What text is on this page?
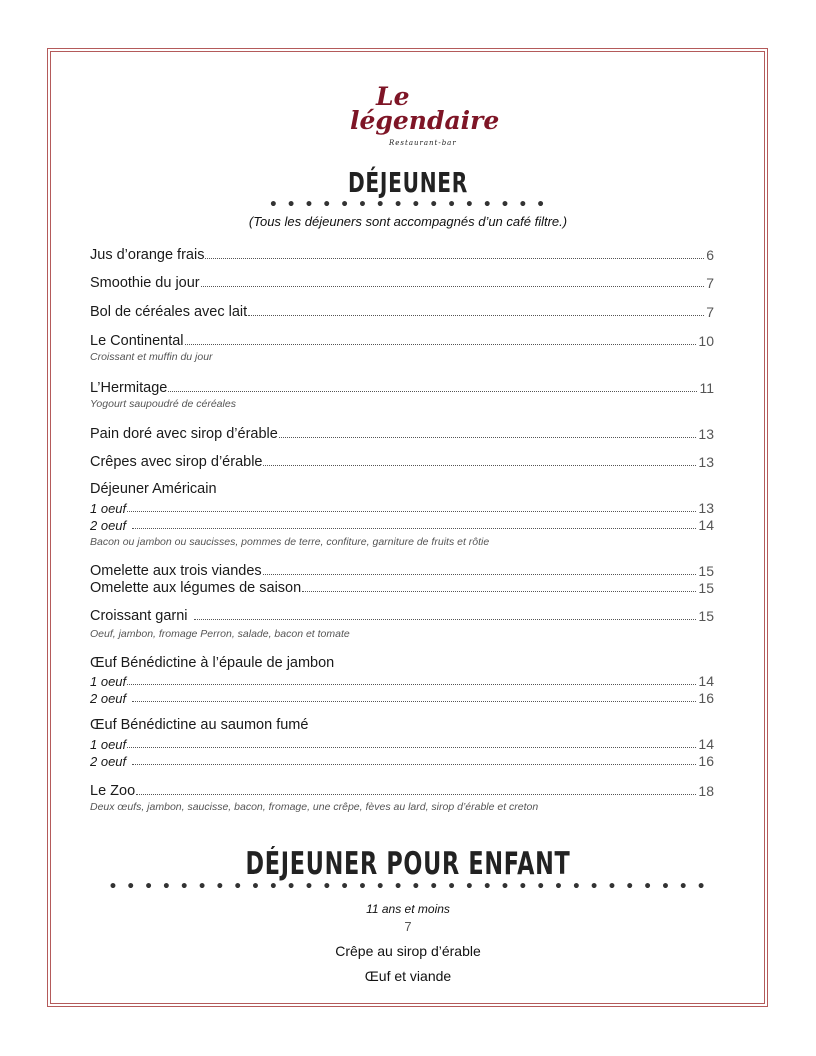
Le
légendaire
Restaurant-bar
DÉJEUNER
• • • • • • • • • • • • • • • •
(Tous les déjeuners sont accompagnés d’un café filtre.)
Jus d’orange frais	6
Smoothie du jour	7
Bol de céréales avec lait	7
Le Continental	10
Croissant et muffin du jour
L’Hermitage	11
Yogourt saupoudré de céréales
Pain doré avec sirop d’érable	13
Crêpes avec sirop d’érable	13
Déjeuner Américain
1 oeuf	13
2 oeuf	14
Bacon ou jambon ou saucisses, pommes de terre, confiture, garniture de fruits et rôtie
Omelette aux trois viandes	15
Omelette aux légumes de saison	15
Croissant garni	15
Oeuf, jambon, fromage Perron, salade, bacon et tomate
Œuf Bénédictine à l’épaule de jambon
1 oeuf	14
2 oeuf	16
Œuf Bénédictine au saumon fumé
1 oeuf	14
2 oeuf	16
Le Zoo	18
Deux œufs, jambon, saucisse, bacon, fromage, une crêpe, fèves au lard, sirop d’érable et creton
DÉJEUNER POUR ENFANT
• • • • • • • • • • • • • • • • • • • • • • • • • • • • • • • • • •
11 ans et moins
7
Crêpe au sirop d’érable
Œuf et viande
